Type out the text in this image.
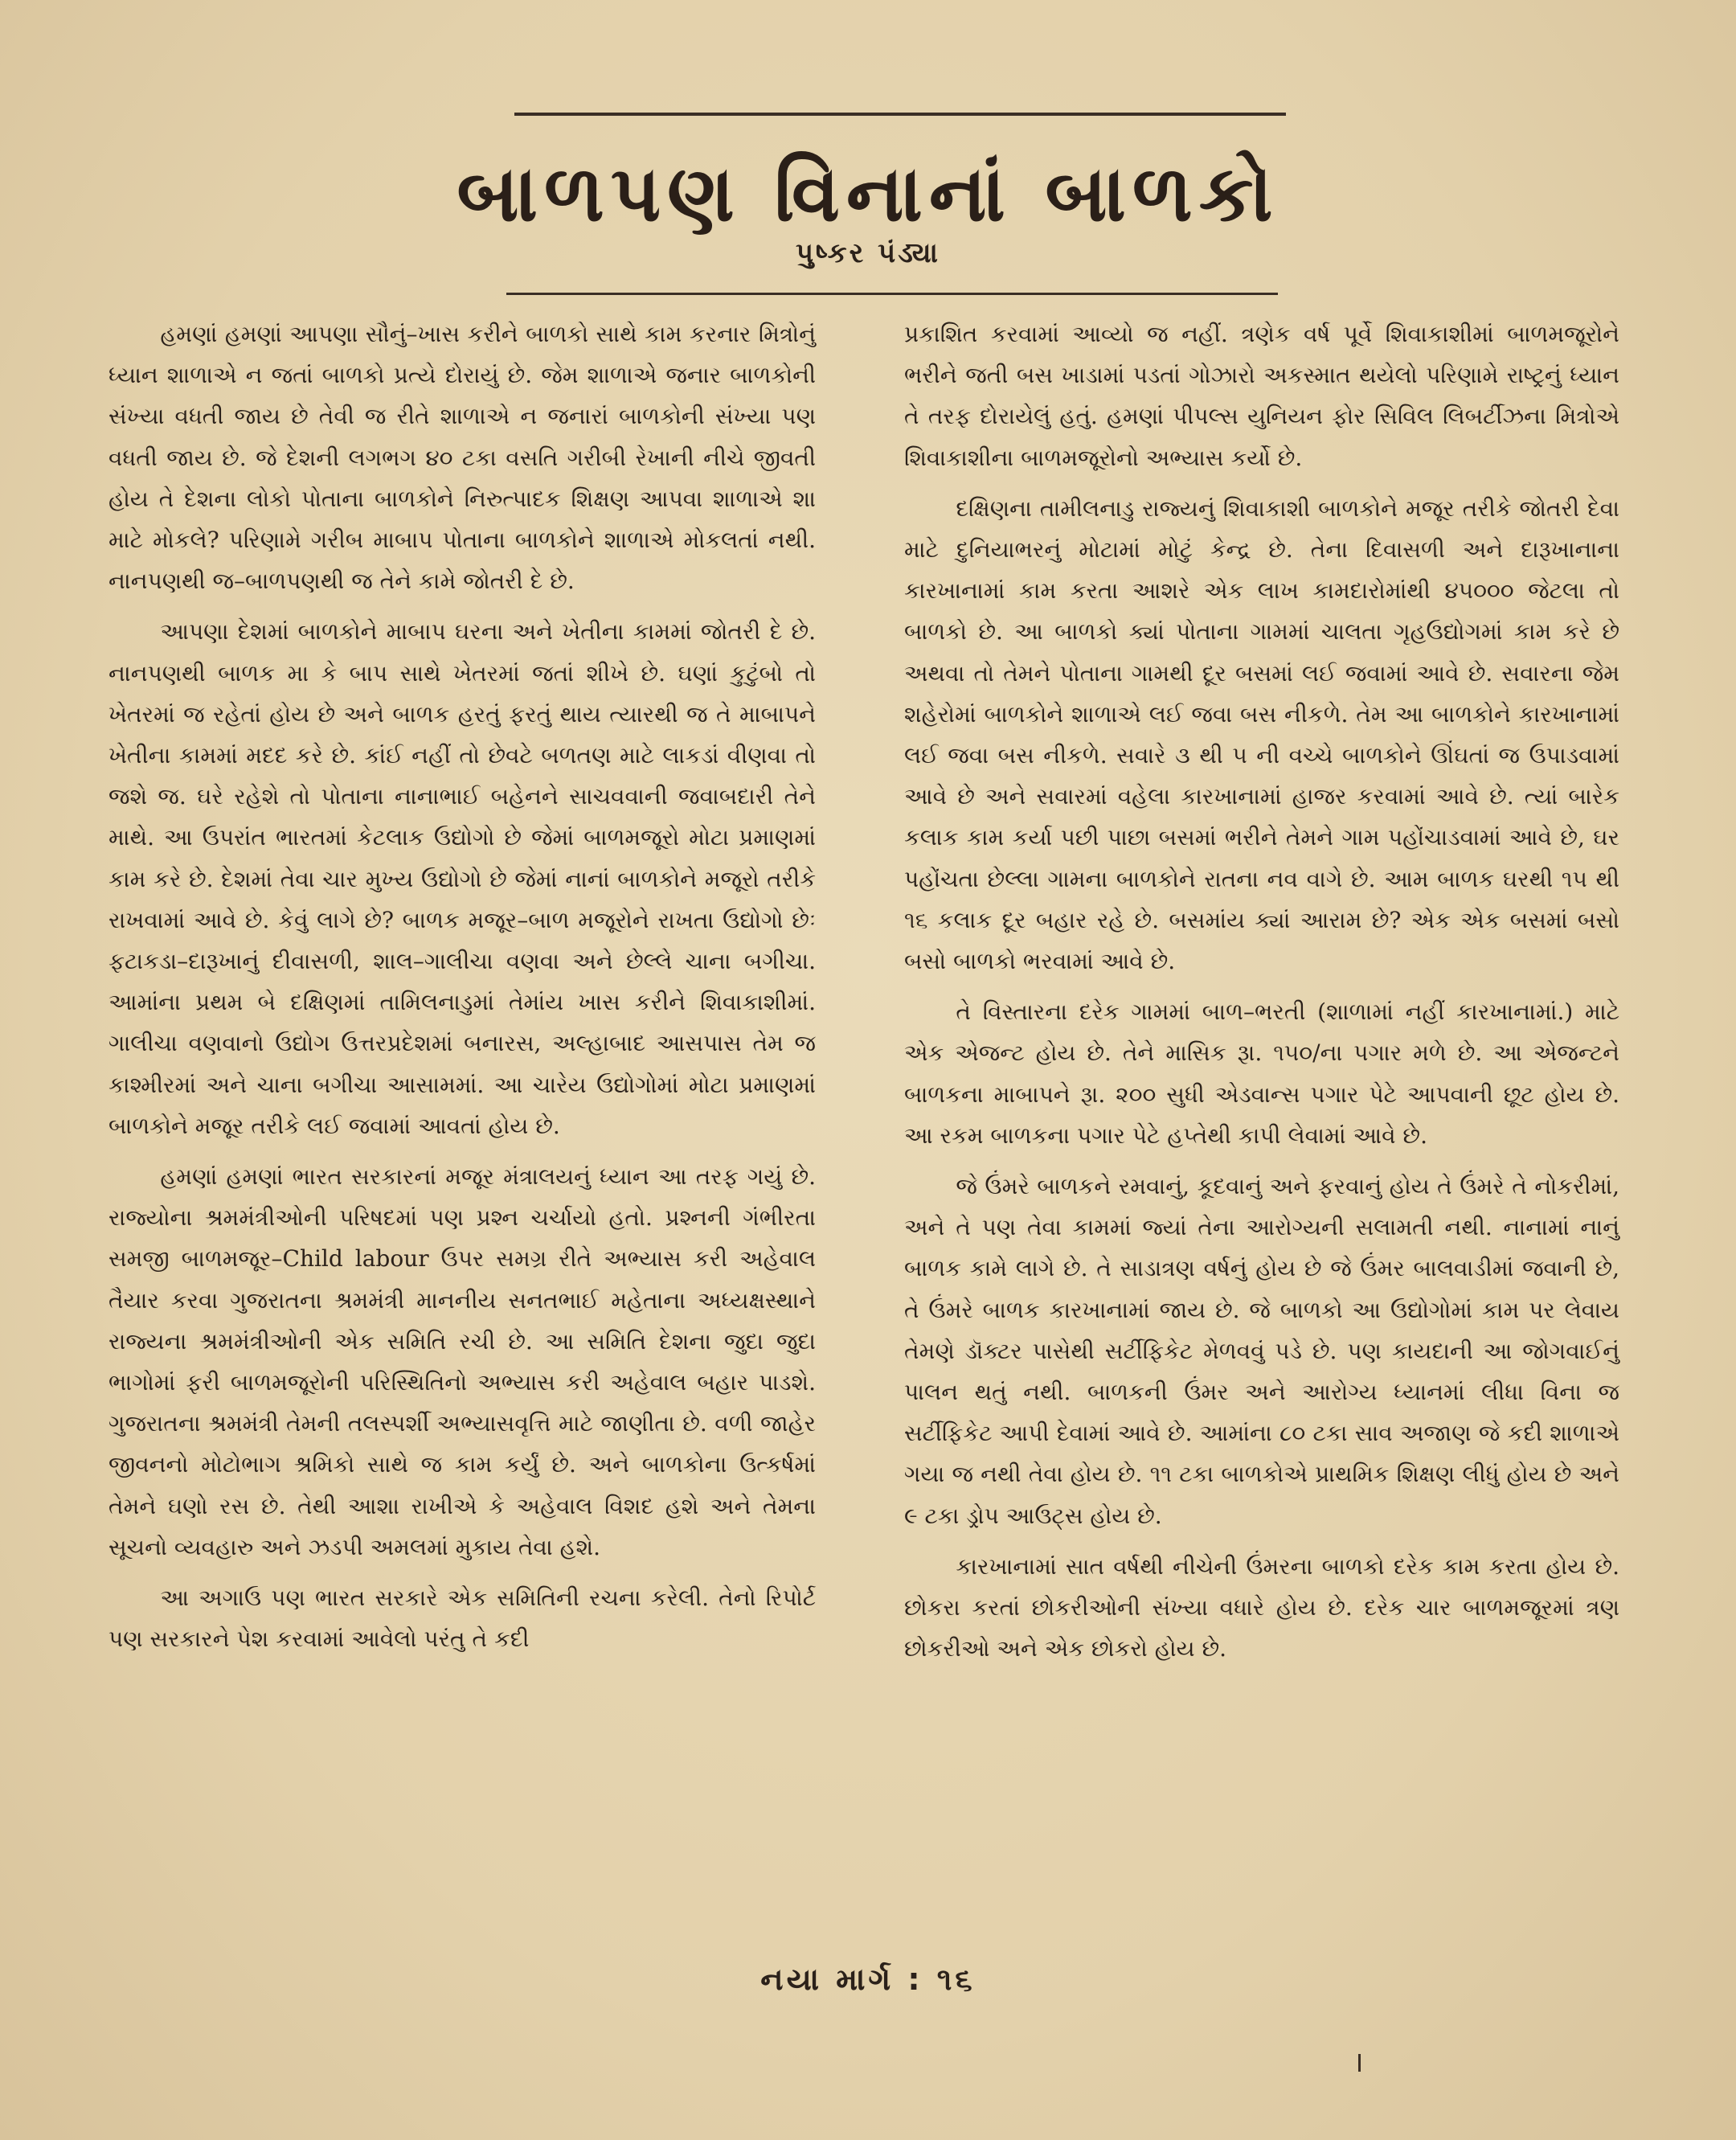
બાળપણ વિનાનાં બાળકો
પુષ્કર પંડ્યા

હમણાં હમણાં આપણા સૌનું–ખાસ કરીને બાળકો સાથે કામ કરનાર મિત્રોનું ધ્યાન શાળાએ ન જતાં બાળકો પ્રત્યે દોરાયું છે. જેમ શાળાએ જનાર બાળકોની સંખ્યા વધતી જાય છે તેવી જ રીતે શાળાએ ન જનારાં બાળકોની સંખ્યા પણ વધતી જાય છે. જે દેશની લગભગ ૪૦ ટકા વસતિ ગરીબી રેખાની નીચે જીવતી હોય તે દેશના લોકો પોતાના બાળકોને નિરુત્પાદક શિક્ષણ આપવા શાળાએ શા માટે મોકલે? પરિણામે ગરીબ માબાપ પોતાના બાળકોને શાળાએ મોકલતાં નથી. નાનપણથી જ–બાળપણથી જ તેને કામે જોતરી દે છે.

આપણા દેશમાં બાળકોને માબાપ ઘરના અને ખેતીના કામમાં જોતરી દે છે. નાનપણથી બાળક મા કે બાપ સાથે ખેતરમાં જતાં શીખે છે. ઘણાં કુટુંબો તો ખેતરમાં જ રહેતાં હોય છે અને બાળક હરતું ફરતું થાય ત્યારથી જ તે માબાપને ખેતીના કામમાં મદદ કરે છે. કાંઈ નહીં તો છેવટે બળતણ માટે લાકડાં વીણવા તો જશે જ. ઘરે રહેશે તો પોતાના નાનાભાઈ બહેનને સાચવવાની જવાબદારી તેને માથે. આ ઉપરાંત ભારતમાં કેટલાક ઉદ્યોગો છે જેમાં બાળમજૂરો મોટા પ્રમાણમાં કામ કરે છે. દેશમાં તેવા ચાર મુખ્ય ઉદ્યોગો છે જેમાં નાનાં બાળકોને મજૂરો તરીકે રાખવામાં આવે છે. કેવું લાગે છે? બાળક મજૂર–બાળ મજૂરોને રાખતા ઉદ્યોગો છેઃ ફટાકડા–દારૂખાનું દીવાસળી, શાલ–ગાલીચા વણવા અને છેલ્લે ચાના બગીચા. આમાંના પ્રથમ બે દક્ષિણમાં તામિલનાડુમાં તેમાંય ખાસ કરીને શિવાકાશીમાં. ગાલીચા વણવાનો ઉદ્યોગ ઉત્તરપ્રદેશમાં બનારસ, અલ્હાબાદ આસપાસ તેમ જ કાશ્મીરમાં અને ચાના બગીચા આસામમાં. આ ચારેય ઉદ્યોગોમાં મોટા પ્રમાણમાં બાળકોને મજૂર તરીકે લઈ જવામાં આવતાં હોય છે.

હમણાં હમણાં ભારત સરકારનાં મજૂર મંત્રાલયનું ધ્યાન આ તરફ ગયું છે. રાજ્યોના શ્રમમંત્રીઓની પરિષદમાં પણ પ્રશ્ન ચર્ચાયો હતો. પ્રશ્નની ગંભીરતા સમજી બાળમજૂર–Child labour ઉપર સમગ્ર રીતે અભ્યાસ કરી અહેવાલ તૈયાર કરવા ગુજરાતના શ્રમમંત્રી માનનીય સનતભાઈ મહેતાના અધ્યક્ષસ્થાને રાજ્યના શ્રમમંત્રીઓની એક સમિતિ રચી છે. આ સમિતિ દેશના જુદા જુદા ભાગોમાં ફરી બાળમજૂરોની પરિસ્થિતિનો અભ્યાસ કરી અહેવાલ બહાર પાડશે. ગુજરાતના શ્રમમંત્રી તેમની તલસ્પર્શી અભ્યાસવૃત્તિ માટે જાણીતા છે. વળી જાહેર જીવનનો મોટોભાગ શ્રમિકો સાથે જ કામ કર્યું છે. અને બાળકોના ઉત્કર્ષમાં તેમને ઘણો રસ છે. તેથી આશા રાખીએ કે અહેવાલ વિશદ હશે અને તેમના સૂચનો વ્યવહારુ અને ઝડપી અમલમાં મુકાય તેવા હશે.

આ અગાઉ પણ ભારત સરકારે એક સમિતિની રચના કરેલી. તેનો રિપોર્ટ પણ સરકારને પેશ કરવામાં આવેલો પરંતુ તે કદી

પ્રકાશિત કરવામાં આવ્યો જ નહીં. ત્રણેક વર્ષ પૂર્વે શિવાકાશીમાં બાળમજૂરોને ભરીને જતી બસ ખાડામાં પડતાં ગોઝારો અકસ્માત થયેલો પરિણામે રાષ્ટ્રનું ધ્યાન તે તરફ દોરાયેલું હતું. હમણાં પીપલ્સ યુનિયન ફોર સિવિલ લિબર્ટીઝના મિત્રોએ શિવાકાશીના બાળમજૂરોનો અભ્યાસ કર્યો છે.

દક્ષિણના તામીલનાડુ રાજ્યનું શિવાકાશી બાળકોને મજૂર તરીકે જોતરી દેવા માટે દુનિયાભરનું મોટામાં મોટું કેન્દ્ર છે. તેના દિવાસળી અને દારૂખાનાના કારખાનામાં કામ કરતા આશરે એક લાખ કામદારોમાંથી ૪૫૦૦૦ જેટલા તો બાળકો છે. આ બાળકો ક્યાં પોતાના ગામમાં ચાલતા ગૃહઉદ્યોગમાં કામ કરે છે અથવા તો તેમને પોતાના ગામથી દૂર બસમાં લઈ જવામાં આવે છે. સવારના જેમ શહેરોમાં બાળકોને શાળાએ લઈ જવા બસ નીકળે. તેમ આ બાળકોને કારખાનામાં લઈ જવા બસ નીકળે. સવારે ૩ થી ૫ ની વચ્ચે બાળકોને ઊંઘતાં જ ઉપાડવામાં આવે છે અને સવારમાં વહેલા કારખાનામાં હાજર કરવામાં આવે છે. ત્યાં બારેક કલાક કામ કર્યા પછી પાછા બસમાં ભરીને તેમને ગામ પહોંચાડવામાં આવે છે, ઘર પહોંચતા છેલ્લા ગામના બાળકોને રાતના નવ વાગે છે. આમ બાળક ઘરથી ૧૫ થી ૧૬ કલાક દૂર બહાર રહે છે. બસમાંય ક્યાં આરામ છે? એક એક બસમાં બસો બસો બાળકો ભરવામાં આવે છે.

તે વિસ્તારના દરેક ગામમાં બાળ–ભરતી (શાળામાં નહીં કારખાનામાં.) માટે એક એજન્ટ હોય છે. તેને માસિક રૂા. ૧૫૦/ના પગાર મળે છે. આ એજન્ટને બાળકના માબાપને રૂા. ૨૦૦ સુધી એડવાન્સ પગાર પેટે આપવાની છૂટ હોય છે. આ રકમ બાળકના પગાર પેટે હપ્તેથી કાપી લેવામાં આવે છે.

જે ઉંમરે બાળકને રમવાનું, કૂદવાનું અને ફરવાનું હોય તે ઉંમરે તે નોકરીમાં, અને તે પણ તેવા કામમાં જ્યાં તેના આરોગ્યની સલામતી નથી. નાનામાં નાનું બાળક કામે લાગે છે. તે સાડાત્રણ વર્ષનું હોય છે જે ઉંમર બાલવાડીમાં જવાની છે, તે ઉંમરે બાળક કારખાનામાં જાય છે. જે બાળકો આ ઉદ્યોગોમાં કામ પર લેવાય તેમણે ડૉક્ટર પાસેથી સર્ટીફિકેટ મેળવવું પડે છે. પણ કાયદાની આ જોગવાઈનું પાલન થતું નથી. બાળકની ઉંમર અને આરોગ્ય ધ્યાનમાં લીધા વિના જ સર્ટીફિકેટ આપી દેવામાં આવે છે. આમાંના ૮૦ ટકા સાવ અજાણ જે કદી શાળાએ ગયા જ નથી તેવા હોય છે. ૧૧ ટકા બાળકોએ પ્રાથમિક શિક્ષણ લીધું હોય છે અને ૯ ટકા ડ્રોપ આઉટ્સ હોય છે.

કારખાનામાં સાત વર્ષથી નીચેની ઉંમરના બાળકો દરેક કામ કરતા હોય છે. છોકરા કરતાં છોકરીઓની સંખ્યા વધારે હોય છે. દરેક ચાર બાળમજૂરમાં ત્રણ છોકરીઓ અને એક છોકરો હોય છે.

નયા માર્ગ : ૧૬
